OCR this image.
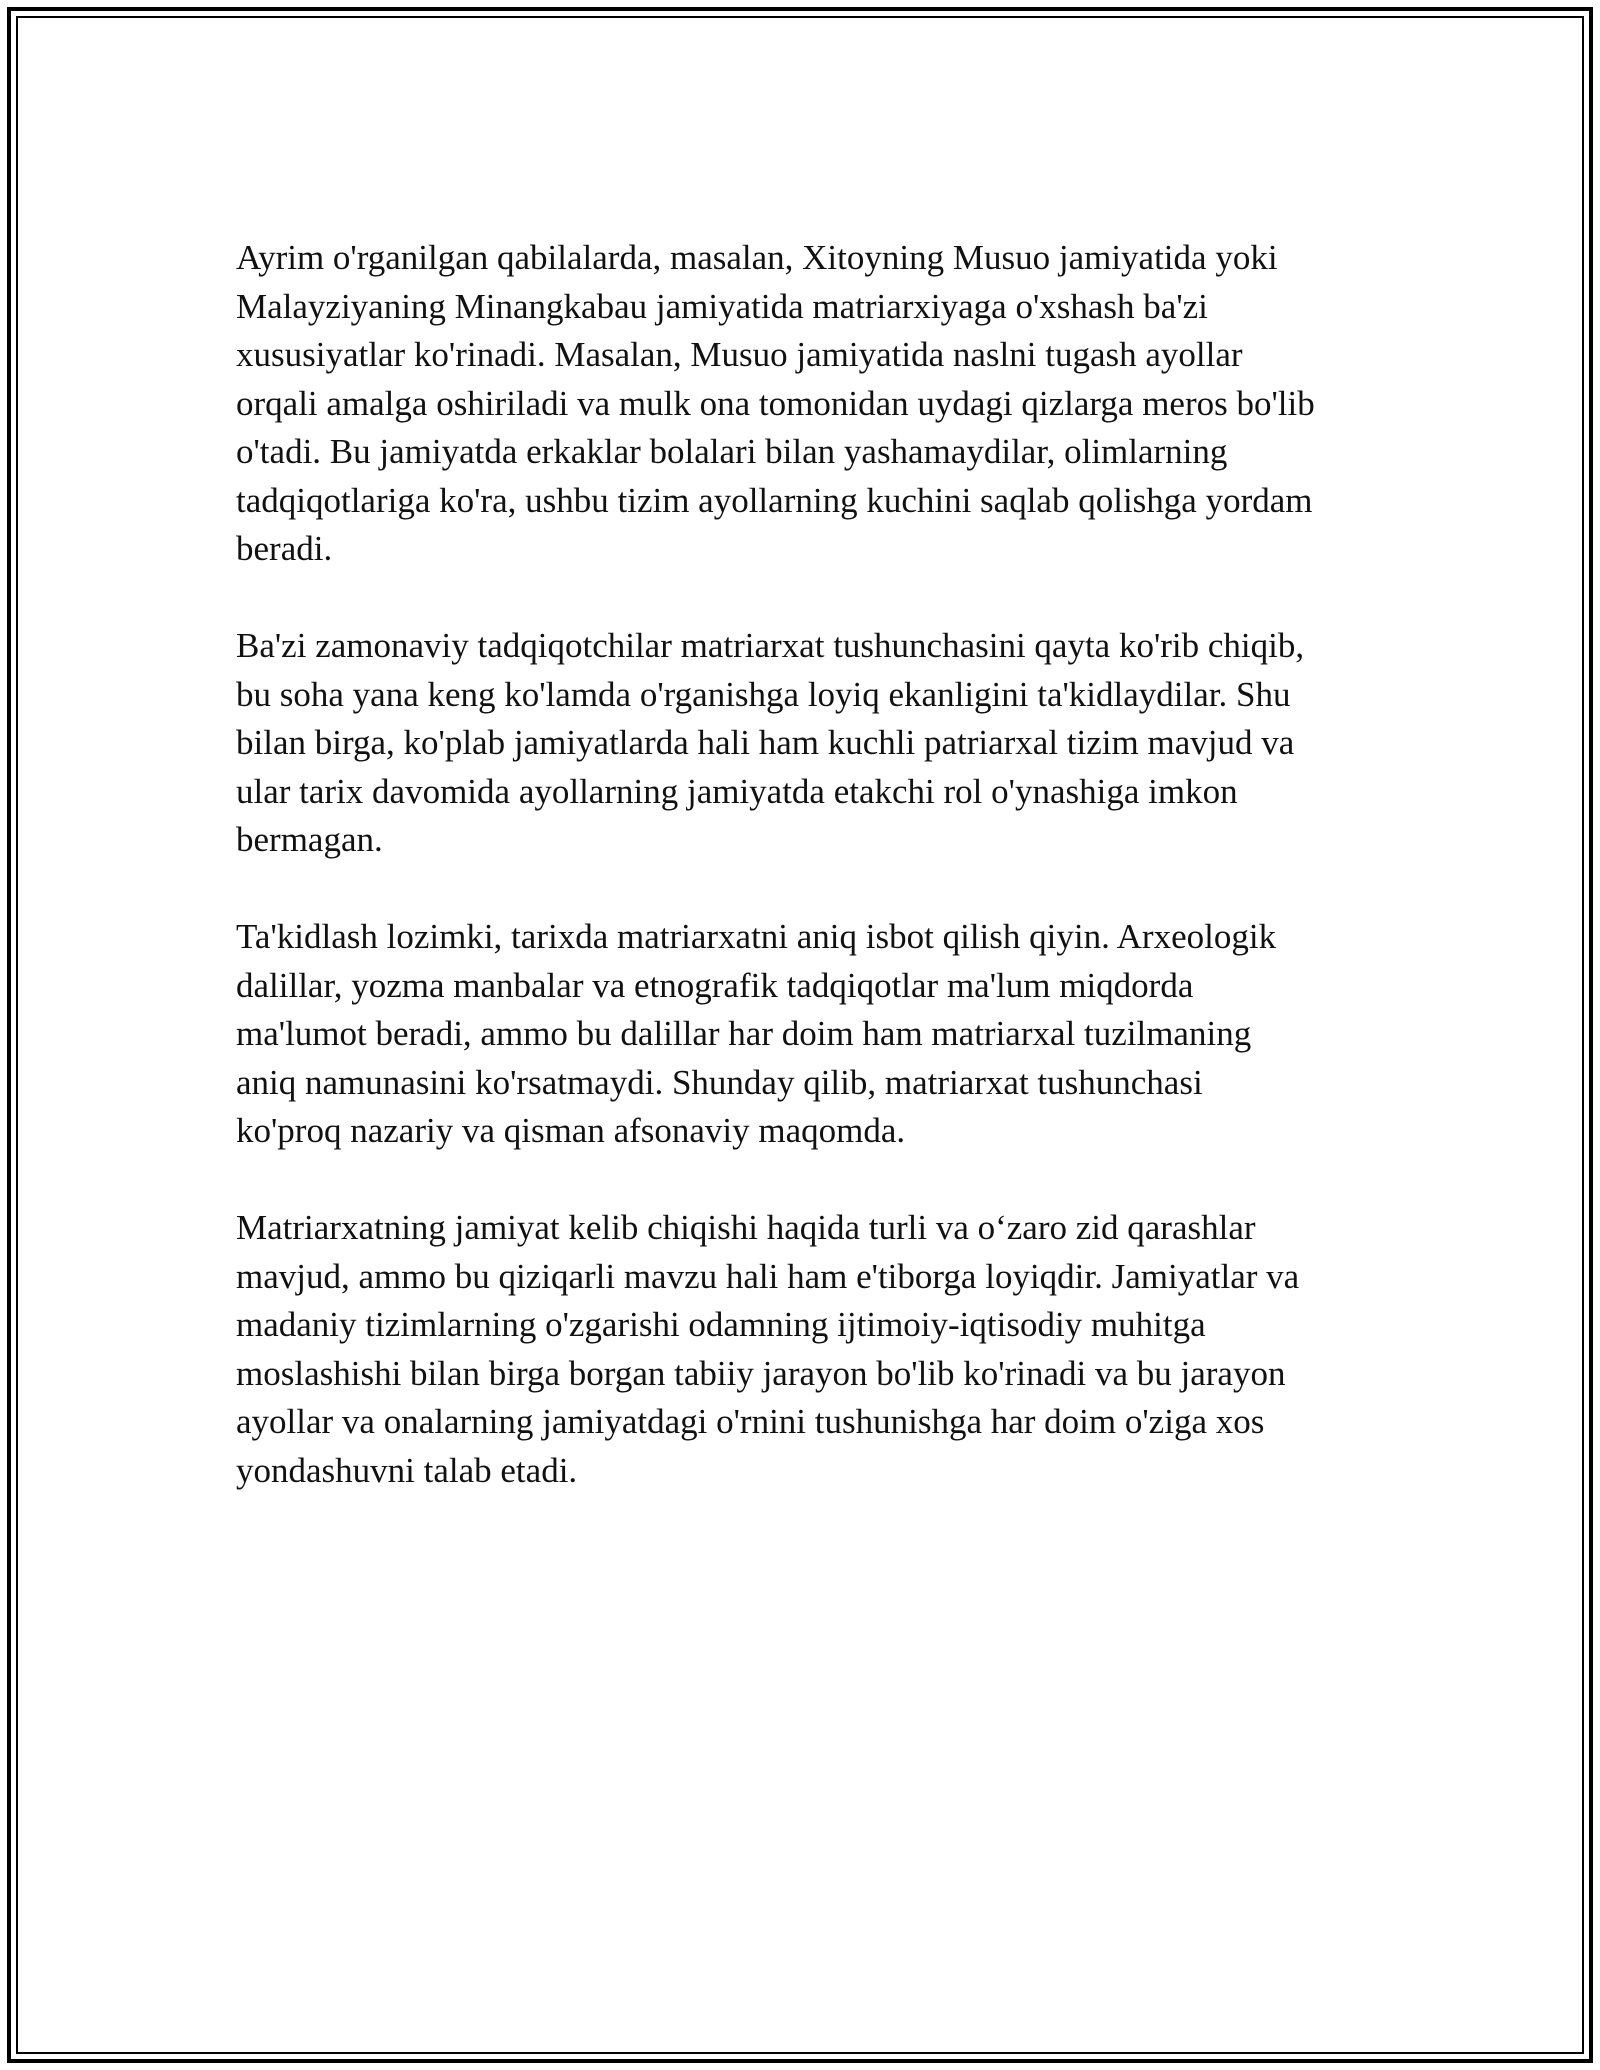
Ayrim o'rganilgan qabilalarda, masalan, Xitoyning Musuo jamiyatida yoki
Malayziyaning Minangkabau jamiyatida matriarxiyaga o'xshash ba'zi
xususiyatlar ko'rinadi. Masalan, Musuo jamiyatida naslni tugash ayollar
orqali amalga oshiriladi va mulk ona tomonidan uydagi qizlarga meros bo'lib
o'tadi. Bu jamiyatda erkaklar bolalari bilan yashamaydilar, olimlarning
tadqiqotlariga ko'ra, ushbu tizim ayollarning kuchini saqlab qolishga yordam
beradi.

Ba'zi zamonaviy tadqiqotchilar matriarxat tushunchasini qayta ko'rib chiqib,
bu soha yana keng ko'lamda o'rganishga loyiq ekanligini ta'kidlaydilar. Shu
bilan birga, ko'plab jamiyatlarda hali ham kuchli patriarxal tizim mavjud va
ular tarix davomida ayollarning jamiyatda etakchi rol o'ynashiga imkon
bermagan.

Ta'kidlash lozimki, tarixda matriarxatni aniq isbot qilish qiyin. Arxeologik
dalillar, yozma manbalar va etnografik tadqiqotlar ma'lum miqdorda
ma'lumot beradi, ammo bu dalillar har doim ham matriarxal tuzilmaning
aniq namunasini ko'rsatmaydi. Shunday qilib, matriarxat tushunchasi
ko'proq nazariy va qisman afsonaviy maqomda.

Matriarxatning jamiyat kelib chiqishi haqida turli va o‘zaro zid qarashlar
mavjud, ammo bu qiziqarli mavzu hali ham e'tiborga loyiqdir. Jamiyatlar va
madaniy tizimlarning o'zgarishi odamning ijtimoiy-iqtisodiy muhitga
moslashishi bilan birga borgan tabiiy jarayon bo'lib ko'rinadi va bu jarayon
ayollar va onalarning jamiyatdagi o'rnini tushunishga har doim o'ziga xos
yondashuvni talab etadi.
